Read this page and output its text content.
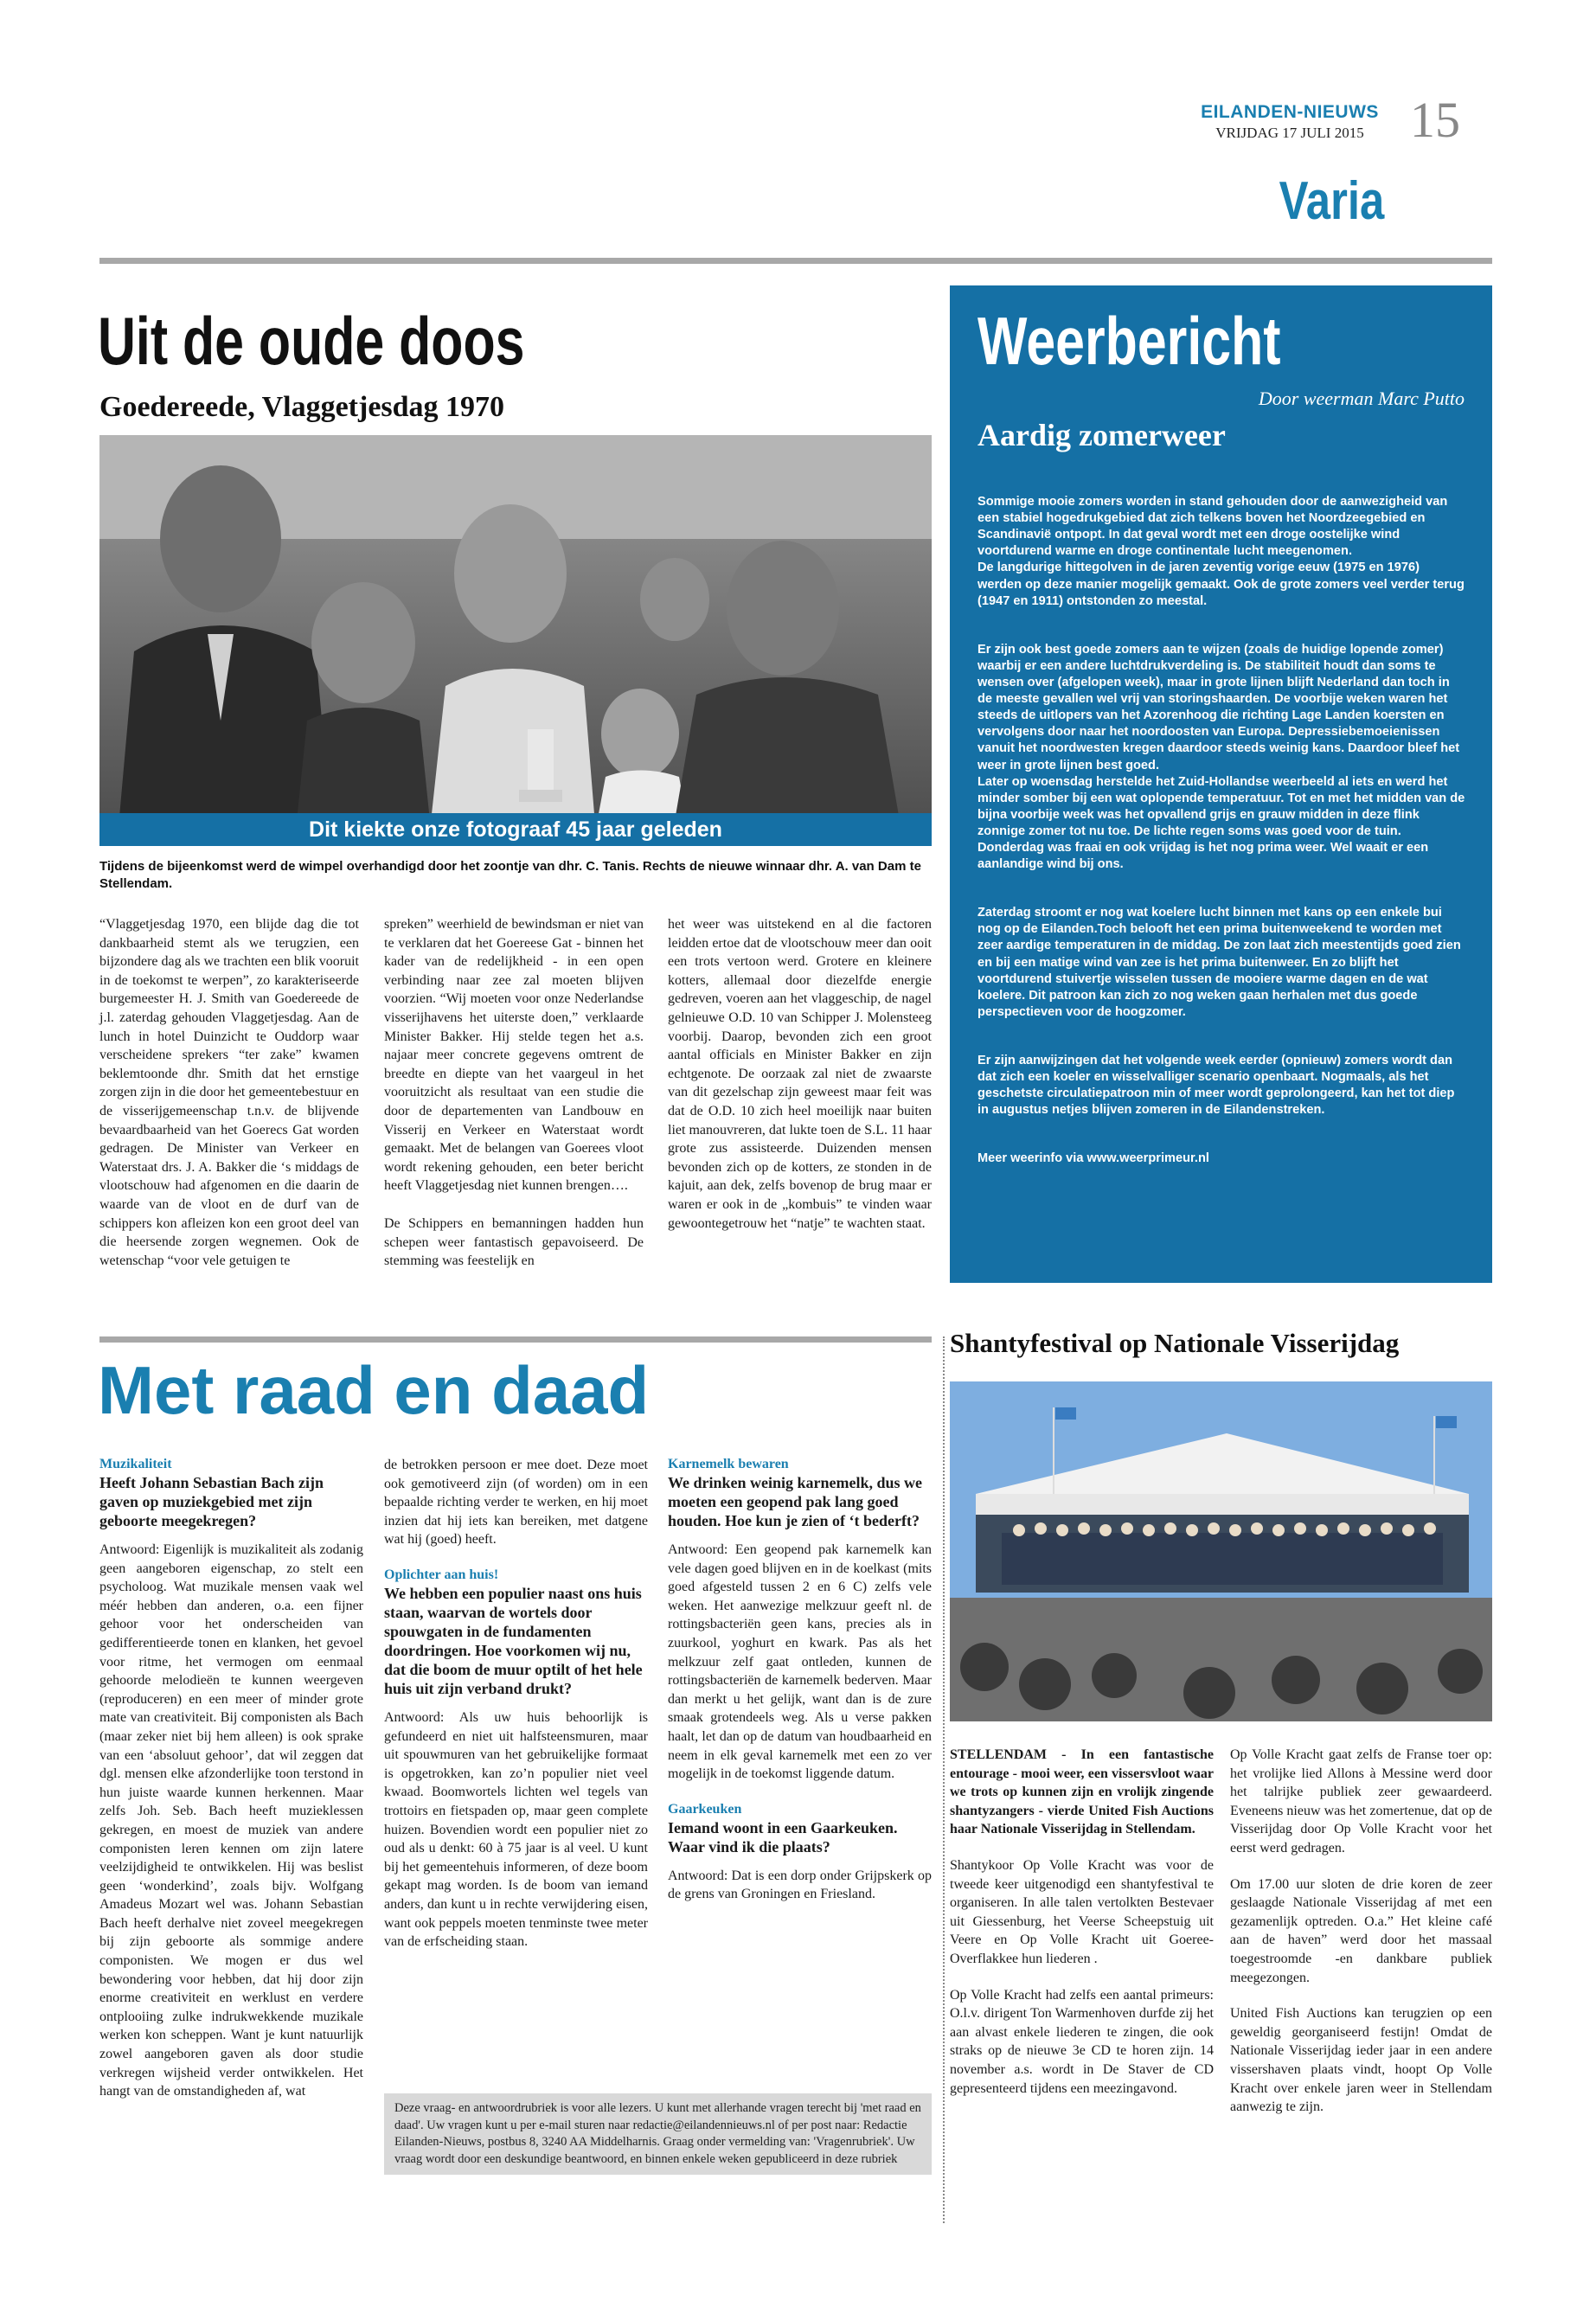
EILANDEN-NIEUWS
VRIJDAG 17 JULI 2015 15
Varia
Uit de oude doos
Goedereede, Vlaggetjesdag 1970
Dit kiekte onze fotograaf 45 jaar geleden
Tijdens de bijeenkomst werd de wimpel overhandigd door het zoontje van dhr. C. Tanis. Rechts de nieuwe winnaar dhr. A. van Dam te Stellendam.
“Vlaggetjesdag 1970, een blijde dag die tot dankbaarheid stemt als we terugzien, een bijzondere dag als we trachten een blik vooruit in de toekomst te werpen”, zo karakteriseerde burgemeester H. J. Smith van Goedereede de j.l. zaterdag gehouden Vlaggetjesdag. Aan de lunch in hotel Duinzicht te Ouddorp waar verscheidene sprekers “ter zake” kwamen beklemtoonde dhr. Smith dat het ernstige zorgen zijn in die door het gemeentebestuur en de visserijgemeenschap t.n.v. de blijvende bevaardbaarheid van het Goerecs Gat worden gedragen. De Minister van Verkeer en Waterstaat drs. J. A. Bakker die ‘s middags de vlootschouw had afgenomen en die daarin de waarde van de vloot en de durf van de schippers kon afleizen kon een groot deel van die heersende zorgen wegnemen. Ook de wetenschap “voor vele getuigen te

spreken” weerhield de bewindsman er niet van te verklaren dat het Goereese Gat - binnen het kader van de redelijkheid - in een open verbinding naar zee zal moeten blijven voorzien. “Wij moeten voor onze Nederlandse visserijhavens het uiterste doen,” verklaarde Minister Bakker. Hij stelde tegen het a.s. najaar meer concrete gegevens omtrent de breedte en diepte van het vaargeul in het vooruitzicht als resultaat van een studie die door de departementen van Landbouw en Visserij en Verkeer en Waterstaat wordt gemaakt. Met de belangen van Goerees vloot wordt rekening gehouden, een beter bericht heeft Vlaggetjesdag niet kunnen brengen….

De Schippers en bemanningen hadden hun schepen weer fantastisch gepavoiseerd. De stemming was feestelijk en

het weer was uitstekend en al die factoren leidden ertoe dat de vlootschouw meer dan ooit een trots vertoon werd. Grotere en kleinere kotters, allemaal door diezelfde energie gedreven, voeren aan het vlaggeschip, de nagel gelnieuwe O.D. 10 van Schipper J. Molensteeg voorbij. Daarop, bevonden zich een groot aantal officials en Minister Bakker en zijn echtgenote. De oorzaak zal niet de zwaarste van dit gezelschap zijn geweest maar feit was dat de O.D. 10 zich heel moeilijk naar buiten liet manouvreren, dat lukte toen de S.L. 11 haar grote zus assisteerde. Duizenden mensen bevonden zich op de kotters, ze stonden in de kajuit, aan dek, zelfs bovenop de brug maar er waren er ook in de „kombuis” te vinden waar gewoontegetrouw het “natje” te wachten staat.
Weerbericht
Door weerman Marc Putto
Aardig zomerweer

Sommige mooie zomers worden in stand gehouden door de aanwezigheid van een stabiel hogedrukgebied dat zich telkens boven het Noordzeegebied en Scandinavië ontpopt. In dat geval wordt met een droge oostelijke wind voortdurend warme en droge continentale lucht meegenomen.
De langdurige hittegolven in de jaren zeventig vorige eeuw (1975 en 1976) werden op deze manier mogelijk gemaakt. Ook de grote zomers veel verder terug (1947 en 1911) ontstonden zo meestal.

Er zijn ook best goede zomers aan te wijzen (zoals de huidige lopende zomer) waarbij er een andere luchtdrukverdeling is. De stabiliteit houdt dan soms te wensen over (afgelopen week), maar in grote lijnen blijft Nederland dan toch in de meeste gevallen wel vrij van storingshaarden. De voorbije weken waren het steeds de uitlopers van het Azorenhoog die richting Lage Landen koersten en vervolgens door naar het noordoosten van Europa. Depressiebemoeienissen vanuit het noordwesten kregen daardoor steeds weinig kans. Daardoor bleef het weer in grote lijnen best goed.
Later op woensdag herstelde het Zuid-Hollandse weerbeeld al iets en werd het minder somber bij een wat oplopende temperatuur. Tot en met het midden van de bijna voorbije week was het opvallend grijs en grauw midden in deze flink zonnige zomer tot nu toe. De lichte regen soms was goed voor de tuin. Donderdag was fraai en ook vrijdag is het nog prima weer. Wel waait er een aanlandige wind bij ons.

Zaterdag stroomt er nog wat koelere lucht binnen met kans op een enkele bui nog op de Eilanden.Toch belooft het een prima buitenweekend te worden met zeer aardige temperaturen in de middag. De zon laat zich meestentijds goed zien en bij een matige wind van zee is het prima buitenweer. En zo blijft het voortdurend stuivertje wisselen tussen de mooiere warme dagen en de wat koelere. Dit patroon kan zich zo nog weken gaan herhalen met dus goede perspectieven voor de hoogzomer.

Er zijn aanwijzingen dat het volgende week eerder (opnieuw) zomers wordt dan dat zich een koeler en wisselvalliger scenario openbaart. Nogmaals, als het geschetste circulatiepatroon min of meer wordt geprolongeerd, kan het tot diep in augustus netjes blijven zomeren in de Eilandenstreken.

Meer weerinfo via www.weerprimeur.nl

Met raad en daad
Muzikaliteit
Heeft Johann Sebastian Bach zijn gaven op muziekgebied met zijn geboorte meegekregen?
Antwoord: Eigenlijk is muzikaliteit als zodanig geen aangeboren eigenschap, zo stelt een psycholoog. Wat muzikale mensen vaak wel méér hebben dan anderen, o.a. een fijner gehoor voor het onderscheiden van gedifferentieerde tonen en klanken, het gevoel voor ritme, het vermogen om eenmaal gehoorde melodieën te kunnen weergeven (reproduceren) en een meer of minder grote mate van creativiteit. Bij componisten als Bach (maar zeker niet bij hem alleen) is ook sprake van een ‘absoluut gehoor’, dat wil zeggen dat dgl. mensen elke afzonderlijke toon terstond in hun juiste waarde kunnen herkennen. Maar zelfs Joh. Seb. Bach heeft muzieklessen gekregen, en moest de muziek van andere componisten leren kennen om zijn latere veelzijdigheid te ontwikkelen. Hij was beslist geen ‘wonderkind’, zoals bijv. Wolfgang Amadeus Mozart wel was. Johann Sebastian Bach heeft derhalve niet zoveel meegekregen bij zijn geboorte als sommige andere componisten. We mogen er dus wel bewondering voor hebben, dat hij door zijn enorme creativiteit en werklust en verdere ontplooiing zulke indrukwekkende muzikale werken kon scheppen. Want je kunt natuurlijk zowel aangeboren gaven als door studie verkregen wijsheid verder ontwikkelen. Het hangt van de omstandigheden af, wat
de betrokken persoon er mee doet. Deze moet ook gemotiveerd zijn (of worden) om in een bepaalde richting verder te werken, en hij moet inzien dat hij iets kan bereiken, met datgene wat hij (goed) heeft.
Oplichter aan huis!
We hebben een populier naast ons huis staan, waarvan de wortels door spouwgaten in de fundamenten doordringen. Hoe voorkomen wij nu, dat die boom de muur optilt of het hele huis uit zijn verband drukt?
Antwoord: Als uw huis behoorlijk is gefundeerd en niet uit halfsteensmuren, maar uit spouwmuren van het gebruikelijke formaat is opgetrokken, kan zo’n populier niet veel kwaad. Boomwortels lichten wel tegels van trottoirs en fietspaden op, maar geen complete huizen. Bovendien wordt een populier niet zo oud als u denkt: 60 à 75 jaar is al veel. U kunt bij het gemeentehuis informeren, of deze boom gekapt mag worden. Is de boom van iemand anders, dan kunt u in rechte verwijdering eisen, want ook peppels moeten tenminste twee meter van de erfscheiding staan.
Karnemelk bewaren
We drinken weinig karnemelk, dus we moeten een geopend pak lang goed houden. Hoe kun je zien of ‘t bederft?
Antwoord: Een geopend pak karnemelk kan vele dagen goed blijven en in de koelkast (mits goed afgesteld tussen 2 en 6 C) zelfs vele weken. Het aanwezige melkzuur geeft nl. de rottingsbacteriën geen kans, precies als in zuurkool, yoghurt en kwark. Pas als het melkzuur zelf gaat ontleden, kunnen de rottingsbacteriën de karnemelk bederven. Maar dan merkt u het gelijk, want dan is de zure smaak grotendeels weg. Als u verse pakken haalt, let dan op de datum van houdbaarheid en neem in elk geval karnemelk met een zo ver mogelijk in de toekomst liggende datum.
Gaarkeuken
Iemand woont in een Gaarkeuken. Waar vind ik die plaats?
Antwoord: Dat is een dorp onder Grijpskerk op de grens van Groningen en Friesland.
Deze vraag- en antwoordrubriek is voor alle lezers. U kunt met allerhande vragen terecht bij 'met raad en daad'. Uw vragen kunt u per e-mail sturen naar redactie@eilandennieuws.nl of per post naar: Redactie Eilanden-Nieuws, postbus 8, 3240 AA Middelharnis. Graag onder vermelding van: 'Vragenrubriek'. Uw vraag wordt door een deskundige beantwoord, en binnen enkele weken gepubliceerd in deze rubriek
Shantyfestival op Nationale Visserijdag
STELLENDAM - In een fantastische entourage - mooi weer, een vissersvloot waar we trots op kunnen zijn en vrolijk zingende shantyzangers - vierde United Fish Auctions haar Nationale Visserijdag in Stellendam.
Shantykoor Op Volle Kracht was voor de tweede keer uitgenodigd een shantyfestival te organiseren. In alle talen vertolkten Bestevaer uit Giessenburg, het Veerse Scheepstuig uit Veere en Op Volle Kracht uit Goeree-Overflakkee hun liederen .
Op Volle Kracht had zelfs een aantal primeurs: O.l.v. dirigent Ton Warmenhoven durfde zij het aan alvast enkele liederen te zingen, die ook straks op de nieuwe 3e CD te horen zijn. 14 november a.s. wordt in De Staver de CD gepresenteerd tijdens een meezingavond.
Op Volle Kracht gaat zelfs de Franse toer op: het vrolijke lied Allons à Messine werd door het talrijke publiek zeer gewaardeerd. Eveneens nieuw was het zomertenue, dat op de Visserijdag door Op Volle Kracht voor het eerst werd gedragen.
Om 17.00 uur sloten de drie koren de zeer geslaagde Nationale Visserijdag af met een gezamenlijk optreden. O.a.” Het kleine café aan de haven” werd door het massaal toegestroomde -en dankbare publiek meegezongen.
United Fish Auctions kan terugzien op een geweldig georganiseerd festijn! Omdat de Nationale Visserijdag ieder jaar in een andere vissershaven plaats vindt, hoopt Op Volle Kracht over enkele jaren weer in Stellendam aanwezig te zijn.
